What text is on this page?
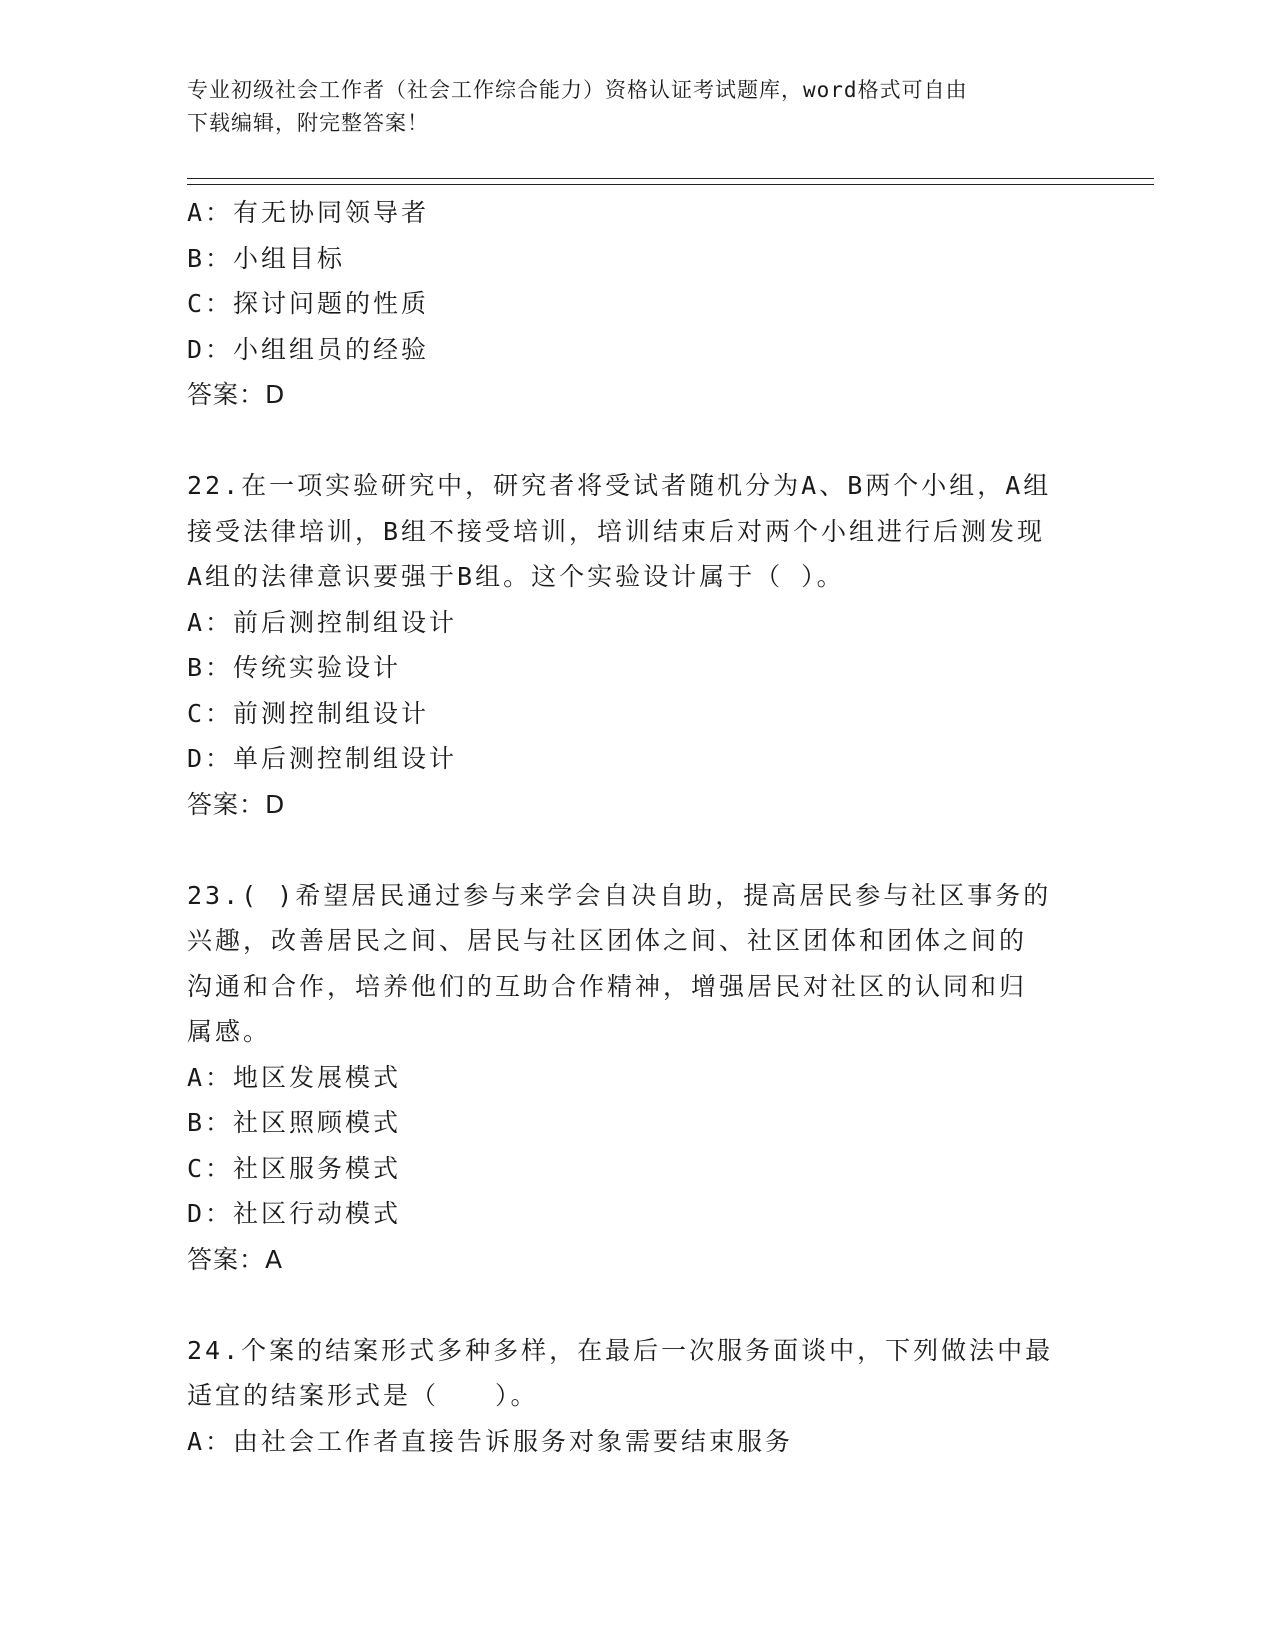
专业初级社会工作者（社会工作综合能力）资格认证考试题库，word格式可自由
下载编辑，附完整答案！
A：有无协同领导者
B：小组目标
C：探讨问题的性质
D：小组组员的经验
答案：D
22.在一项实验研究中，研究者将受试者随机分为A、B两个小组，A组
接受法律培训，B组不接受培训，培训结束后对两个小组进行后测发现
A组的法律意识要强于B组。这个实验设计属于（ ）。
A：前后测控制组设计
B：传统实验设计
C：前测控制组设计
D：单后测控制组设计
答案：D
23.( )希望居民通过参与来学会自决自助，提高居民参与社区事务的
兴趣，改善居民之间、居民与社区团体之间、社区团体和团体之间的
沟通和合作，培养他们的互助合作精神，增强居民对社区的认同和归
属感。
A：地区发展模式
B：社区照顾模式
C：社区服务模式
D：社区行动模式
答案：A
24.个案的结案形式多种多样，在最后一次服务面谈中，下列做法中最
适宜的结案形式是（　　）。
A：由社会工作者直接告诉服务对象需要结束服务
